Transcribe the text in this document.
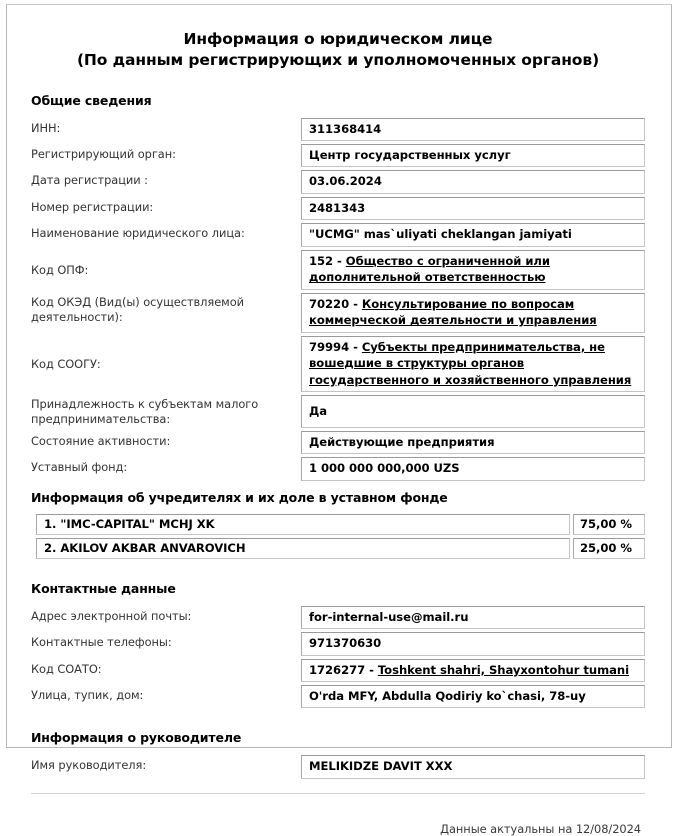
Информация о юридическом лице
(По данным регистрирующих и уполномоченных органов)
Общие сведения
ИНН:	311368414
Регистрирующий орган:	Центр государственных услуг
Дата регистрации :	03.06.2024
Номер регистрации:	2481343
Наименование юридического лица:	"UCMG" mas`uliyati cheklangan jamiyati
Код ОПФ:
152 - Общество с ограниченной или дополнительной ответственностью
Код ОКЭД (Вид(ы) осуществляемой деятельности):
70220 - Консультирование по вопросам коммерческой деятельности и управления
Код СООГУ:
79994 - Субъекты предпринимательства, не вошедшие в структуры органов государственного и хозяйственного управления
Принадлежность к субъектам малого предпринимательства:
Да
Состояние активности:	Действующие предприятия
Уставный фонд:	1 000 000 000,000 UZS
Информация об учредителях и их доле в уставном фонде
1. "IMC-CAPITAL" MCHJ XK	75,00 %
2. AKILOV AKBAR ANVAROVICH	25,00 %
Контактные данные
Адрес электронной почты:	for-internal-use@mail.ru
Контактные телефоны:	971370630
Код СОАТО:	1726277 - Toshkent shahri, Shayxontohur tumani
Улица, тупик, дом:	O'rda MFY, Abdulla Qodiriy ko`chasi, 78-uy
Информация о руководителе
Имя руководителя:	MELIKIDZE DAVIT XXX
Данные актуальны на 12/08/2024
